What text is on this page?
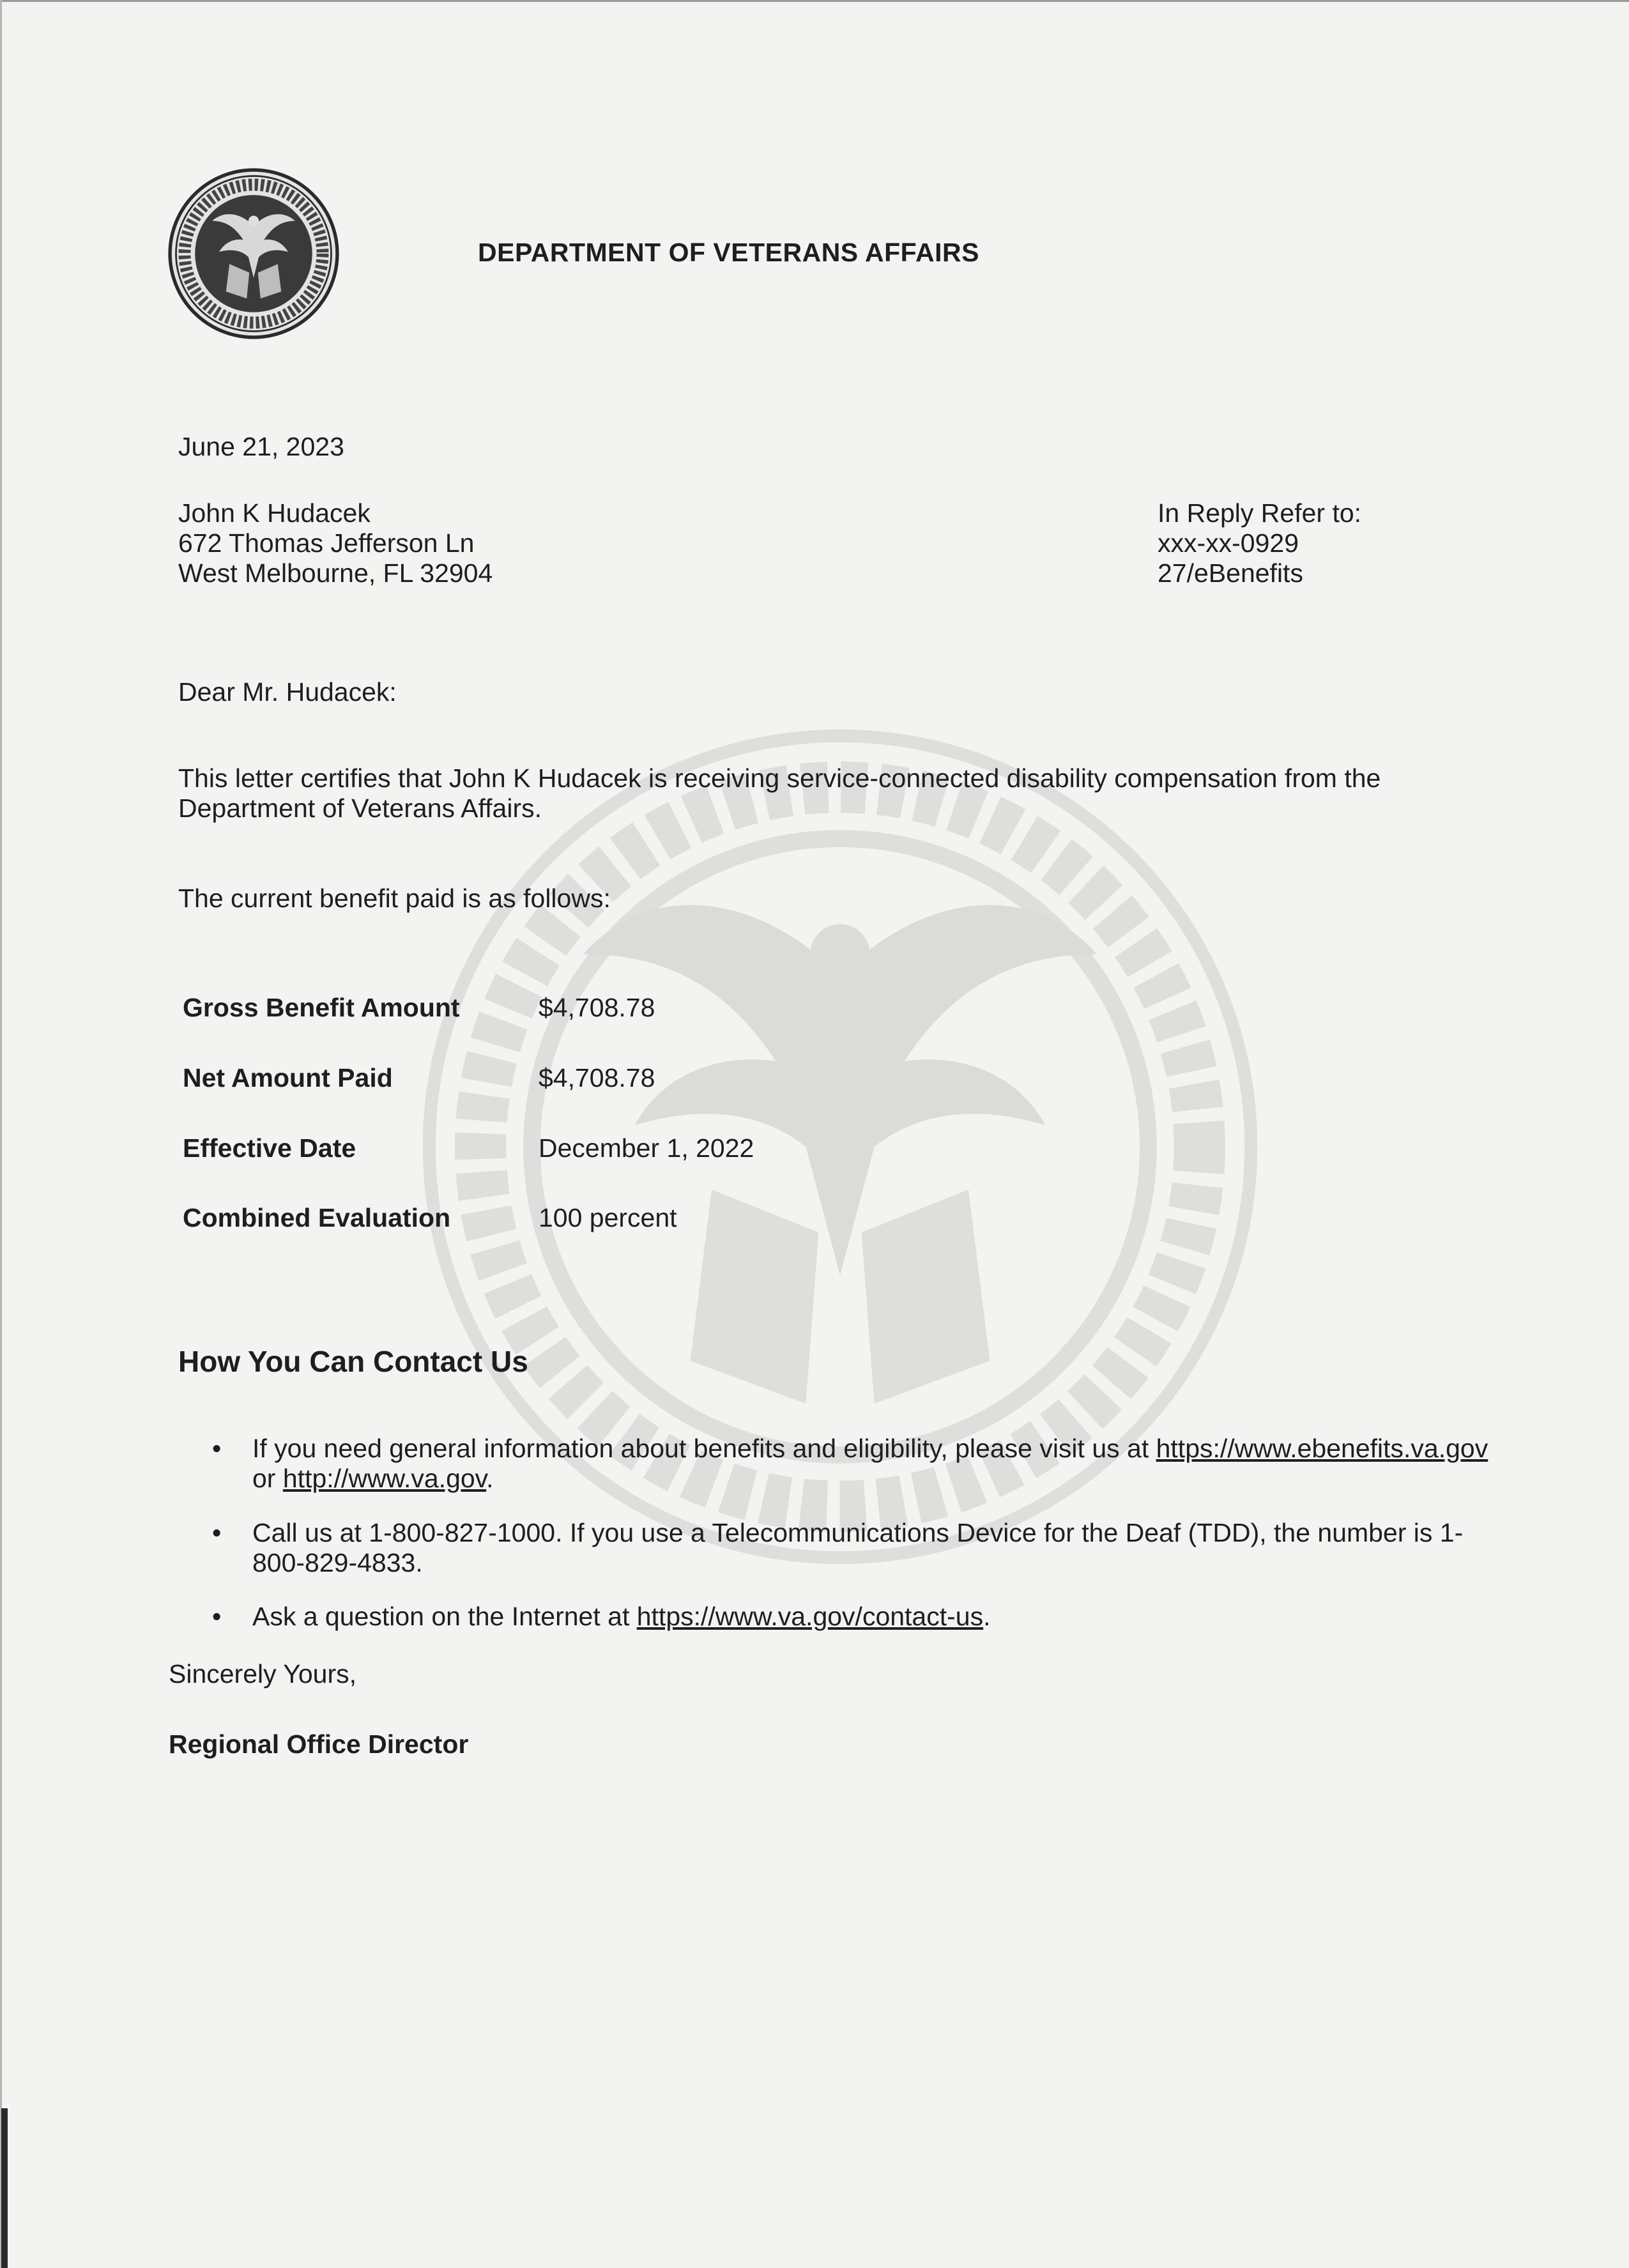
DEPARTMENT OF VETERANS AFFAIRS
June 21, 2023
John K Hudacek
672 Thomas Jefferson Ln
West Melbourne, FL 32904
In Reply Refer to:
xxx-xx-0929
27/eBenefits
Dear Mr. Hudacek:
This letter certifies that John K Hudacek is receiving service-connected disability compensation from the
Department of Veterans Affairs.
The current benefit paid is as follows:
Gross Benefit Amount	$4,708.78
Net Amount Paid	$4,708.78
Effective Date	December 1, 2022
Combined Evaluation	100 percent
How You Can Contact Us
• If you need general information about benefits and eligibility, please visit us at https://www.ebenefits.va.gov
or http://www.va.gov.
• Call us at 1-800-827-1000. If you use a Telecommunications Device for the Deaf (TDD), the number is 1-
800-829-4833.
• Ask a question on the Internet at https://www.va.gov/contact-us.
Sincerely Yours,
Regional Office Director
